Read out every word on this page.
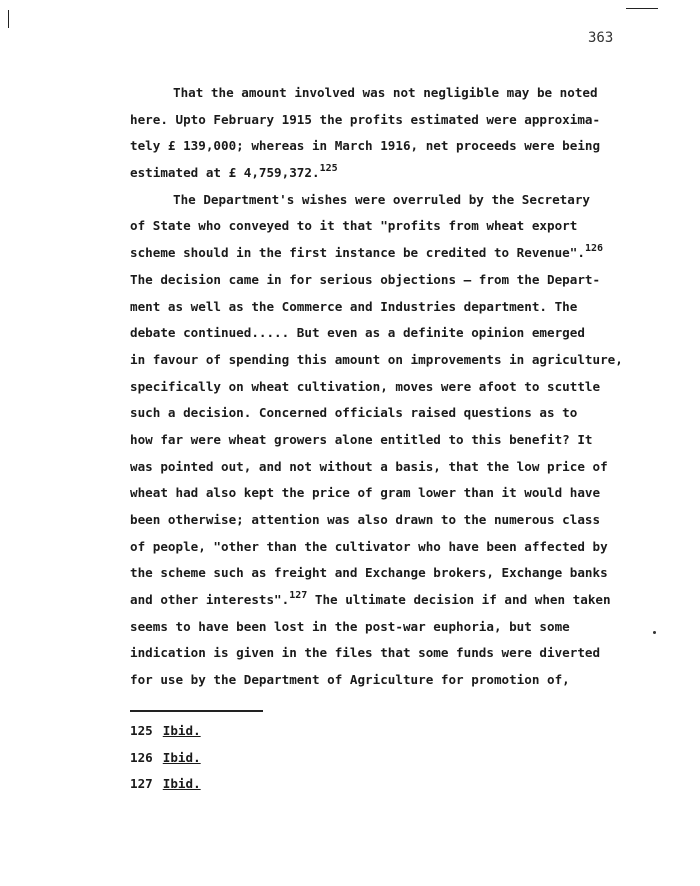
363
That the amount involved was not negligible may be noted
here. Upto February 1915 the profits estimated were approxima-
tely £ 139,000; whereas in March 1916, net proceeds were being
estimated at £ 4,759,372.$^{125}$
The Department's wishes were overruled by the Secretary
of State who conveyed to it that "profits from wheat export
scheme should in the first instance be credited to Revenue".$^{126}$
The decision came in for serious objections — from the Depart-
ment as well as the Commerce and Industries department. The
debate continued..... But even as a definite opinion emerged
in favour of spending this amount on improvements in agriculture,
specifically on wheat cultivation, moves were afoot to scuttle
such a decision. Concerned officials raised questions as to
how far were wheat growers alone entitled to this benefit? It
was pointed out, and not without a basis, that the low price of
wheat had also kept the price of gram lower than it would have
been otherwise; attention was also drawn to the numerous class
of people, "other than the cultivator who have been affected by
the scheme such as freight and Exchange brokers, Exchange banks
and other interests".$^{127}$ The ultimate decision if and when taken
seems to have been lost in the post-war euphoria, but some
indication is given in the files that some funds were diverted
for use by the Department of Agriculture for promotion of,
125 Ibid.
126 Ibid.
127 Ibid.
